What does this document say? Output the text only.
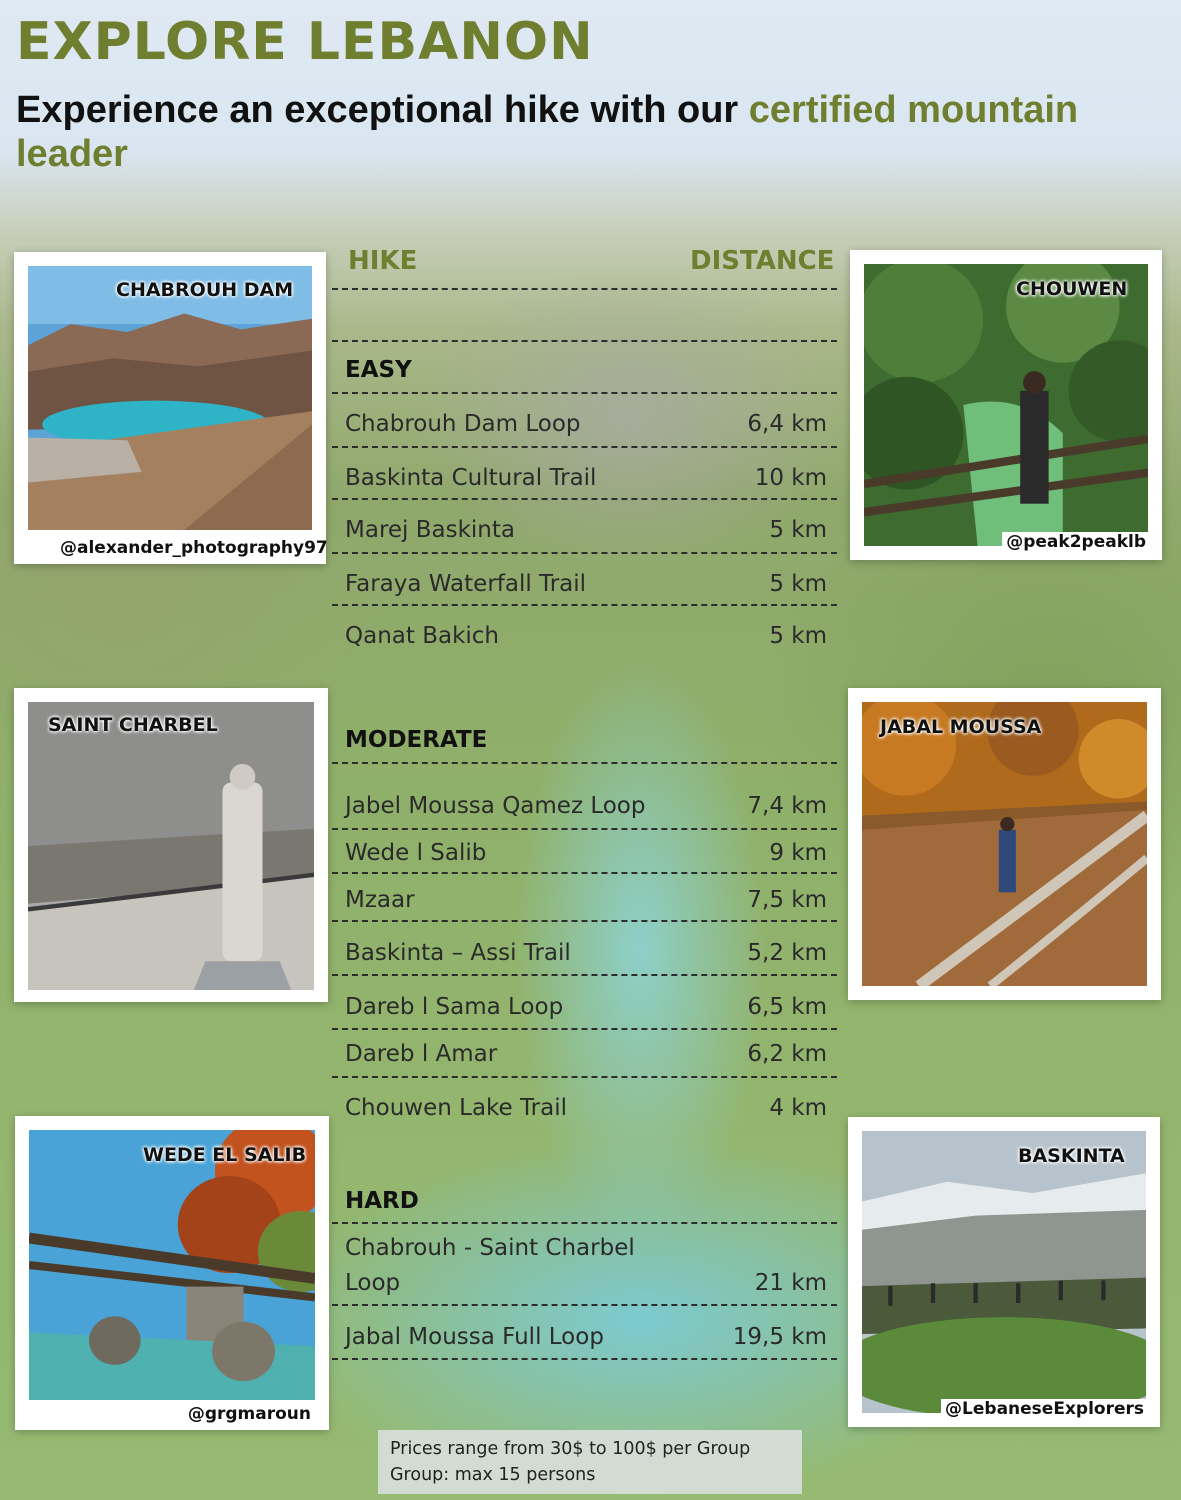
EXPLORE LEBANON

Experience an exceptional hike with our certified mountain leader

CHABROUH DAM
@alexander_photography97
CHOUWEN
@peak2peaklb
SAINT CHARBEL	JABAL MOUSSA
WEDE EL SALIB
@grgmaroun
BASKINTA
@LebaneseExplorers
HIKE	DISTANCE
EASY
Chabrouh Dam Loop	6,4 km
Baskinta Cultural Trail	10 km
Marej Baskinta	5 km
Faraya Waterfall Trail	5 km
Qanat Bakich	5 km
MODERATE
Jabel Moussa Qamez Loop	7,4 km
Wede l Salib	9 km
Mzaar	7,5 km
Baskinta – Assi Trail	5,2 km
Dareb l Sama Loop	6,5 km
Dareb l Amar	6,2 km
Chouwen Lake Trail	4 km
HARD
Chabrouh - Saint Charbel
Loop	21 km
Jabal Moussa Full Loop	19,5 km
Prices range from 30$ to 100$ per Group
Group: max 15 persons
